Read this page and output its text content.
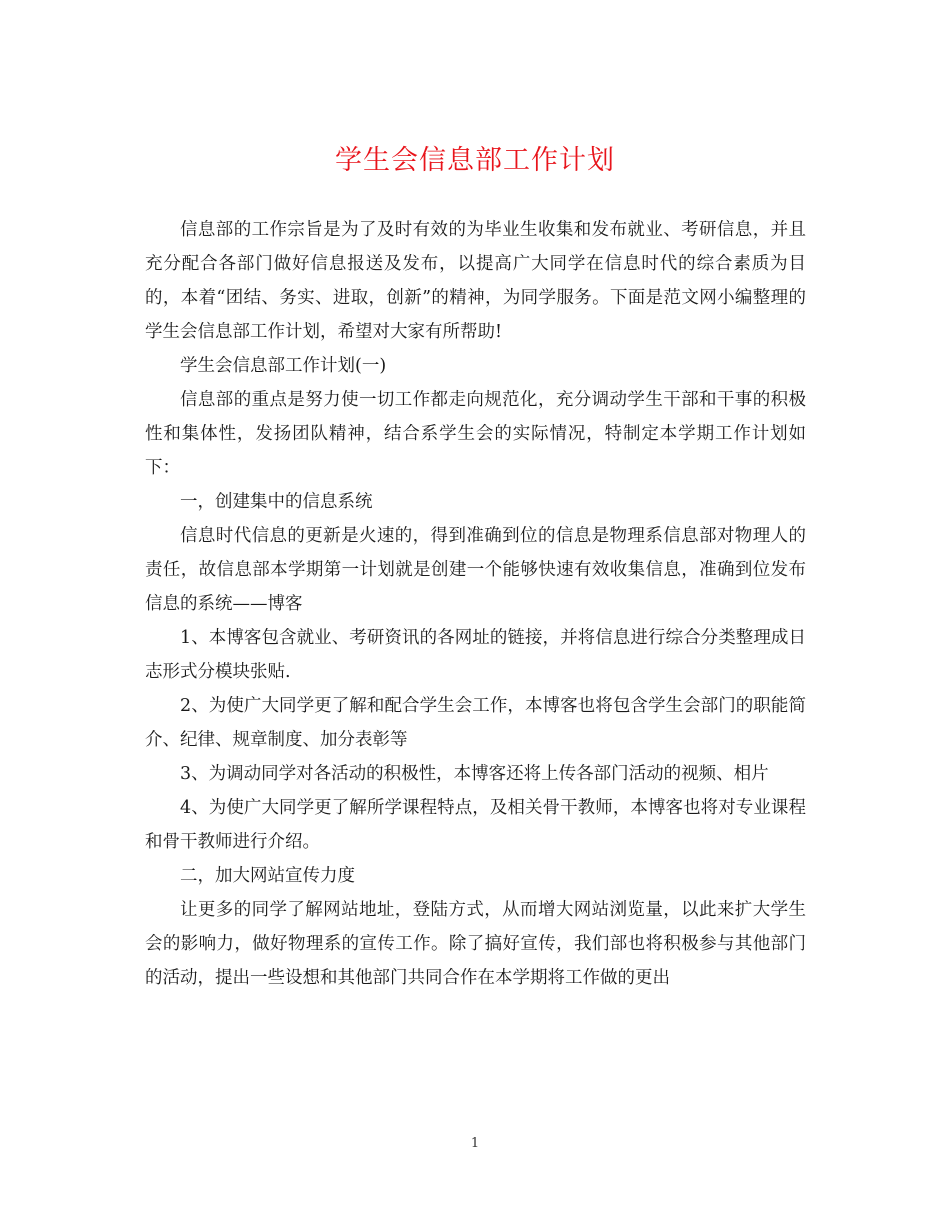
学生会信息部工作计划

信息部的工作宗旨是为了及时有效的为毕业生收集和发布就业、考研信息，并且充分配合各部门做好信息报送及发布，以提高广大同学在信息时代的综合素质为目的，本着“团结、务实、进取，创新”的精神，为同学服务。下面是范文网小编整理的学生会信息部工作计划，希望对大家有所帮助!

学生会信息部工作计划(一)

信息部的重点是努力使一切工作都走向规范化，充分调动学生干部和干事的积极性和集体性，发扬团队精神，结合系学生会的实际情况，特制定本学期工作计划如下：

一，创建集中的信息系统

信息时代信息的更新是火速的，得到准确到位的信息是物理系信息部对物理人的责任，故信息部本学期第一计划就是创建一个能够快速有效收集信息，准确到位发布信息的系统——博客

1、本博客包含就业、考研资讯的各网址的链接，并将信息进行综合分类整理成日志形式分模块张贴.

2、为使广大同学更了解和配合学生会工作，本博客也将包含学生会部门的职能简介、纪律、规章制度、加分表彰等

3、为调动同学对各活动的积极性，本博客还将上传各部门活动的视频、相片

4、为使广大同学更了解所学课程特点，及相关骨干教师，本博客也将对专业课程和骨干教师进行介绍。

二，加大网站宣传力度

让更多的同学了解网站地址，登陆方式，从而增大网站浏览量，以此来扩大学生会的影响力，做好物理系的宣传工作。除了搞好宣传，我们部也将积极参与其他部门的活动，提出一些设想和其他部门共同合作在本学期将工作做的更出

1
